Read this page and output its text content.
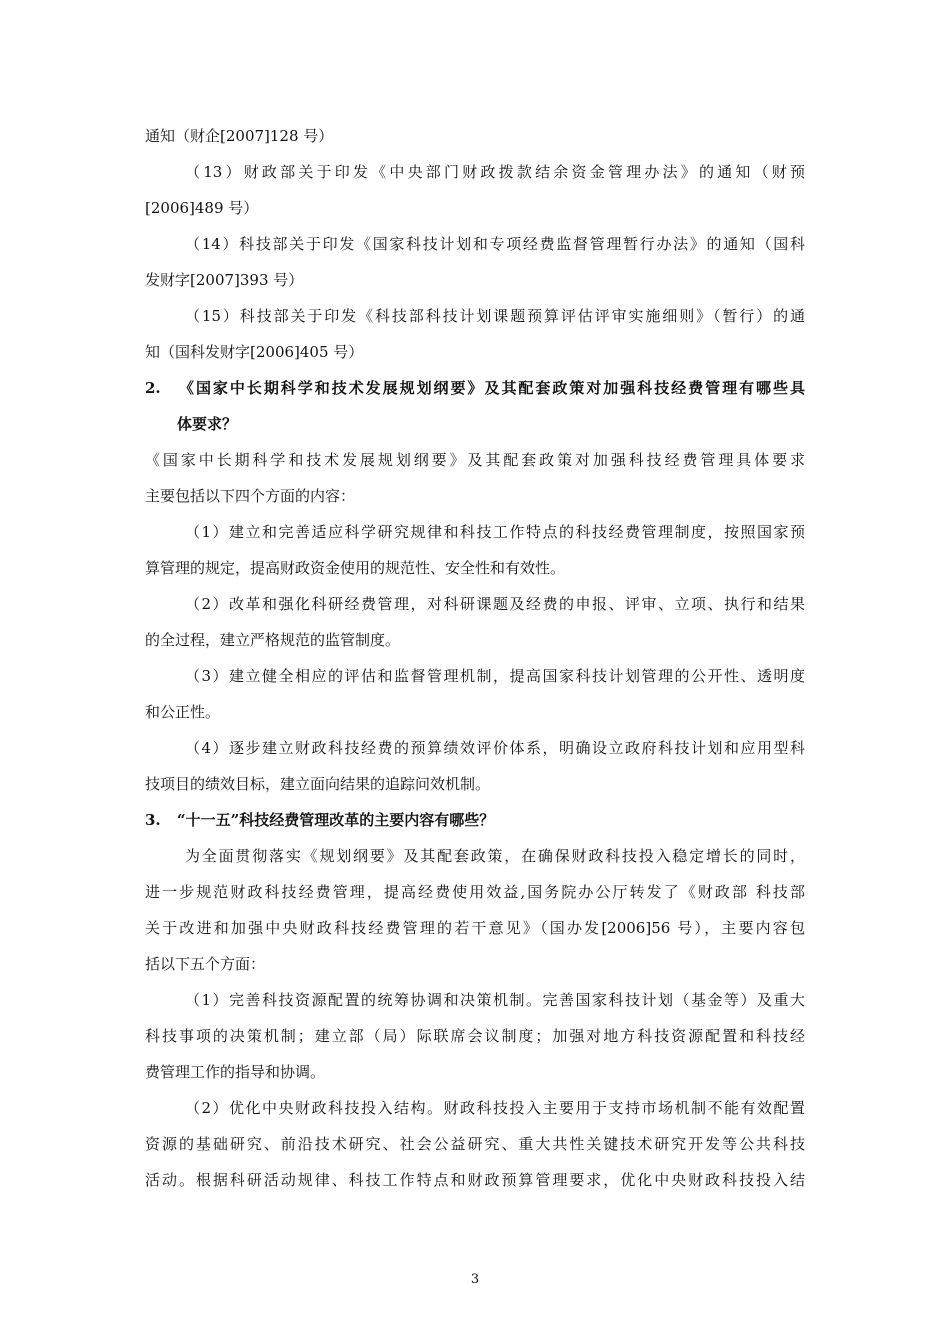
通知（财企[2007]128 号）
（13）财政部关于印发《中央部门财政拨款结余资金管理办法》的通知（财预
[2006]489 号）
（14）科技部关于印发《国家科技计划和专项经费监督管理暂行办法》的通知（国科
发财字[2007]393 号）
（15）科技部关于印发《科技部科技计划课题预算评估评审实施细则》（暂行）的通
知（国科发财字[2006]405 号）
2. 《国家中长期科学和技术发展规划纲要》及其配套政策对加强科技经费管理有哪些具
体要求？
《国家中长期科学和技术发展规划纲要》及其配套政策对加强科技经费管理具体要求
主要包括以下四个方面的内容：
（1）建立和完善适应科学研究规律和科技工作特点的科技经费管理制度，按照国家预
算管理的规定，提高财政资金使用的规范性、安全性和有效性。
（2）改革和强化科研经费管理，对科研课题及经费的申报、评审、立项、执行和结果
的全过程，建立严格规范的监管制度。
（3）建立健全相应的评估和监督管理机制，提高国家科技计划管理的公开性、透明度
和公正性。
（4）逐步建立财政科技经费的预算绩效评价体系，明确设立政府科技计划和应用型科
技项目的绩效目标，建立面向结果的追踪问效机制。
3. “十一五”科技经费管理改革的主要内容有哪些？
为全面贯彻落实《规划纲要》及其配套政策，在确保财政科技投入稳定增长的同时，
进一步规范财政科技经费管理，提高经费使用效益,国务院办公厅转发了《财政部 科技部
关于改进和加强中央财政科技经费管理的若干意见》（国办发[2006]56 号），主要内容包
括以下五个方面：
（1）完善科技资源配置的统筹协调和决策机制。完善国家科技计划（基金等）及重大
科技事项的决策机制；建立部（局）际联席会议制度；加强对地方科技资源配置和科技经
费管理工作的指导和协调。
（2）优化中央财政科技投入结构。财政科技投入主要用于支持市场机制不能有效配置
资源的基础研究、前沿技术研究、社会公益研究、重大共性关键技术研究开发等公共科技
活动。根据科研活动规律、科技工作特点和财政预算管理要求，优化中央财政科技投入结
3
